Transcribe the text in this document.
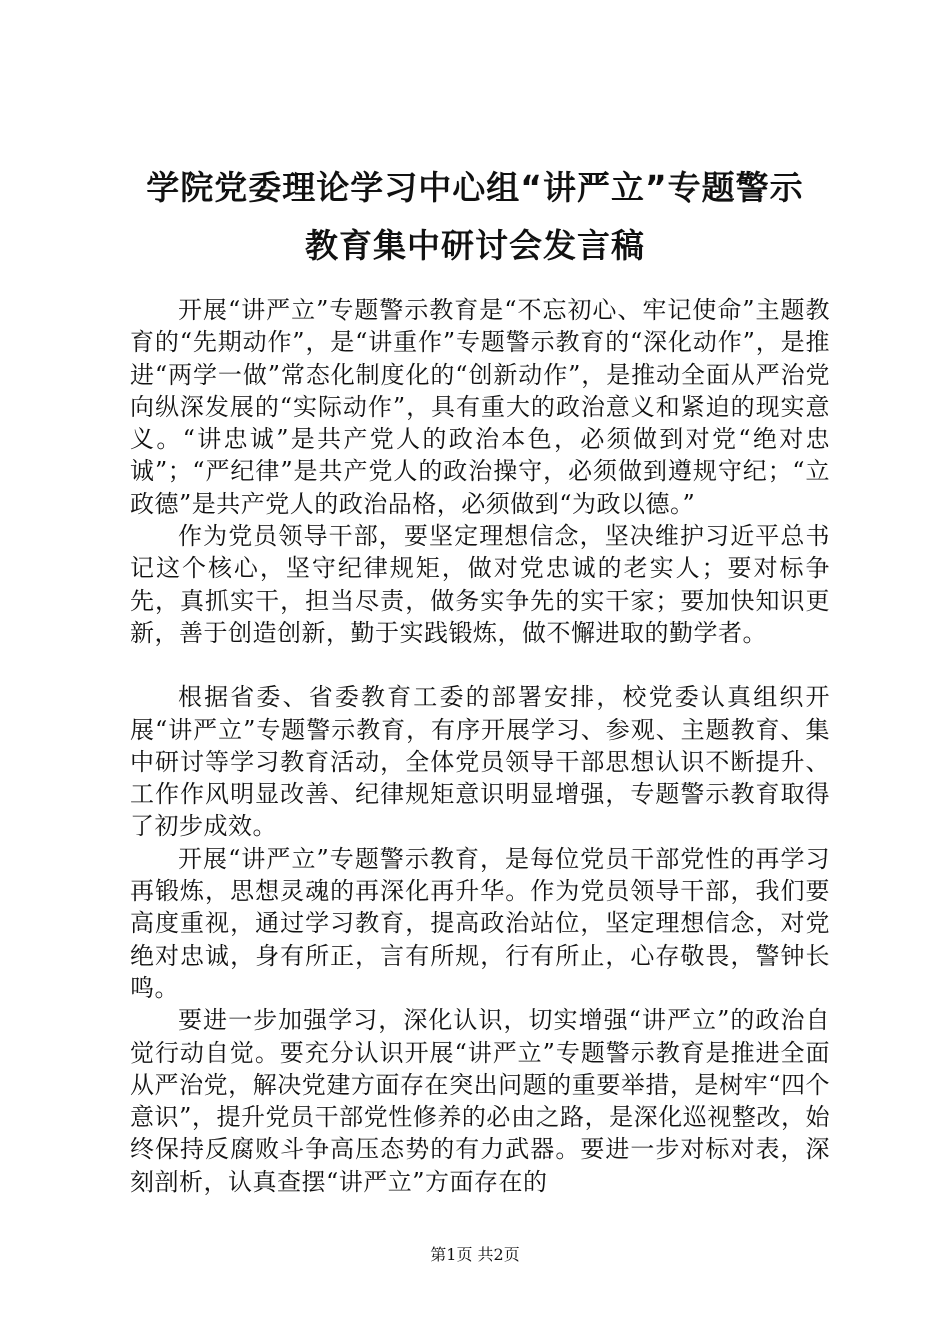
学院党委理论学习中心组“讲严立”专题警示
教育集中研讨会发言稿

开展“讲严立”专题警示教育是“不忘初心、牢记使命”主题教育的“先期动作”，是“讲重作”专题警示教育的“深化动作”，是推进“两学一做”常态化制度化的“创新动作”，是推动全面从严治党向纵深发展的“实际动作”，具有重大的政治意义和紧迫的现实意义。“讲忠诚”是共产党人的政治本色，必须做到对党“绝对忠诚”；“严纪律”是共产党人的政治操守，必须做到遵规守纪；“立政德”是共产党人的政治品格，必须做到“为政以德。”

作为党员领导干部，要坚定理想信念，坚决维护习近平总书记这个核心，坚守纪律规矩，做对党忠诚的老实人；要对标争先，真抓实干，担当尽责，做务实争先的实干家；要加快知识更新，善于创造创新，勤于实践锻炼，做不懈进取的勤学者。

根据省委、省委教育工委的部署安排，校党委认真组织开展“讲严立”专题警示教育，有序开展学习、参观、主题教育、集中研讨等学习教育活动，全体党员领导干部思想认识不断提升、工作作风明显改善、纪律规矩意识明显增强，专题警示教育取得了初步成效。

开展“讲严立”专题警示教育，是每位党员干部党性的再学习再锻炼，思想灵魂的再深化再升华。作为党员领导干部，我们要高度重视，通过学习教育，提高政治站位，坚定理想信念，对党绝对忠诚，身有所正，言有所规，行有所止，心存敬畏，警钟长鸣。

要进一步加强学习，深化认识，切实增强“讲严立”的政治自觉行动自觉。要充分认识开展“讲严立”专题警示教育是推进全面从严治党，解决党建方面存在突出问题的重要举措，是树牢“四个意识”，提升党员干部党性修养的必由之路，是深化巡视整改，始终保持反腐败斗争高压态势的有力武器。要进一步对标对表，深刻剖析，认真查摆“讲严立”方面存在的

第1页 共2页
